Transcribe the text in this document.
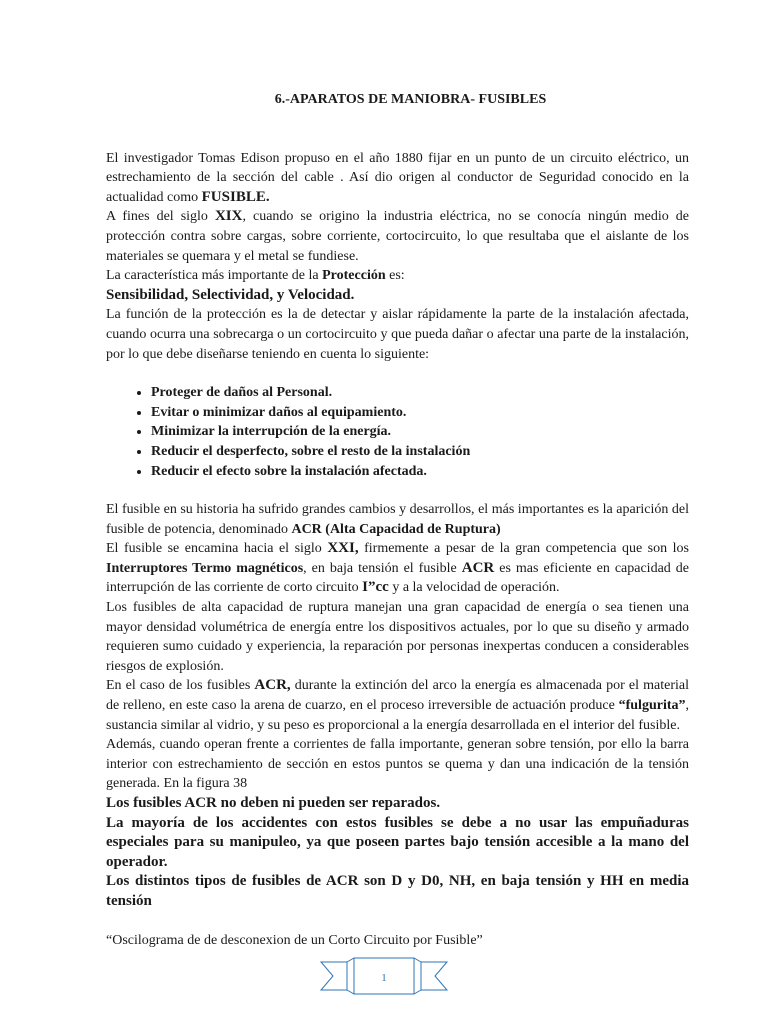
6.-APARATOS DE MANIOBRA- FUSIBLES

El investigador Tomas Edison propuso en el año 1880 fijar en un punto de un circuito eléctrico, un estrechamiento de la sección del cable . Así dio origen al conductor de Seguridad conocido en la actualidad como FUSIBLE.

A fines del siglo XIX, cuando se origino la industria eléctrica, no se conocía ningún medio de protección contra sobre cargas, sobre corriente, cortocircuito, lo que resultaba que el aislante de los materiales se quemara y el metal se fundiese.

La característica más importante de la Protección es:

Sensibilidad, Selectividad, y Velocidad.

La función de la protección es la de detectar y aislar rápidamente la parte de la instalación afectada, cuando ocurra una sobrecarga o un cortocircuito y que pueda dañar o afectar una parte de la instalación, por lo que debe diseñarse teniendo en cuenta lo siguiente:

• Proteger de daños al Personal.
• Evitar o minimizar daños al equipamiento.
• Minimizar la interrupción de la energía.
• Reducir el desperfecto, sobre el resto de la instalación
• Reducir el efecto sobre la instalación afectada.

El fusible en su historia ha sufrido grandes cambios y desarrollos, el más importantes es la aparición del fusible de potencia, denominado ACR (Alta Capacidad de Ruptura)

El fusible se encamina hacia el siglo XXI, firmemente a pesar de la gran competencia que son los Interruptores Termo magnéticos, en baja tensión el fusible ACR es mas eficiente en capacidad de interrupción de las corriente de corto circuito I”cc y a la velocidad de operación.

Los fusibles de alta capacidad de ruptura manejan una gran capacidad de energía o sea tienen una mayor densidad volumétrica de energía entre los dispositivos actuales, por lo que su diseño y armado requieren sumo cuidado y experiencia, la reparación por personas inexpertas conducen a considerables riesgos de explosión.

En el caso de los fusibles ACR, durante la extinción del arco la energía es almacenada por el material de relleno, en este caso la arena de cuarzo, en el proceso irreversible de actuación produce “fulgurita”, sustancia similar al vidrio, y su peso es proporcional a la energía desarrollada en el interior del fusible.

Además, cuando operan frente a corrientes de falla importante, generan sobre tensión, por ello la barra interior con estrechamiento de sección en estos puntos se quema y dan una indicación de la tensión generada. En la figura 38

Los fusibles ACR no deben ni pueden ser reparados.

La mayoría de los accidentes con estos fusibles se debe a no usar las empuñaduras especiales para su manipuleo, ya que poseen partes bajo tensión accesible a la mano del operador.

Los distintos tipos de fusibles de ACR son D y D0, NH, en baja tensión y HH en media tensión

“Oscilograma de de desconexion de un Corto Circuito por Fusible”

1
